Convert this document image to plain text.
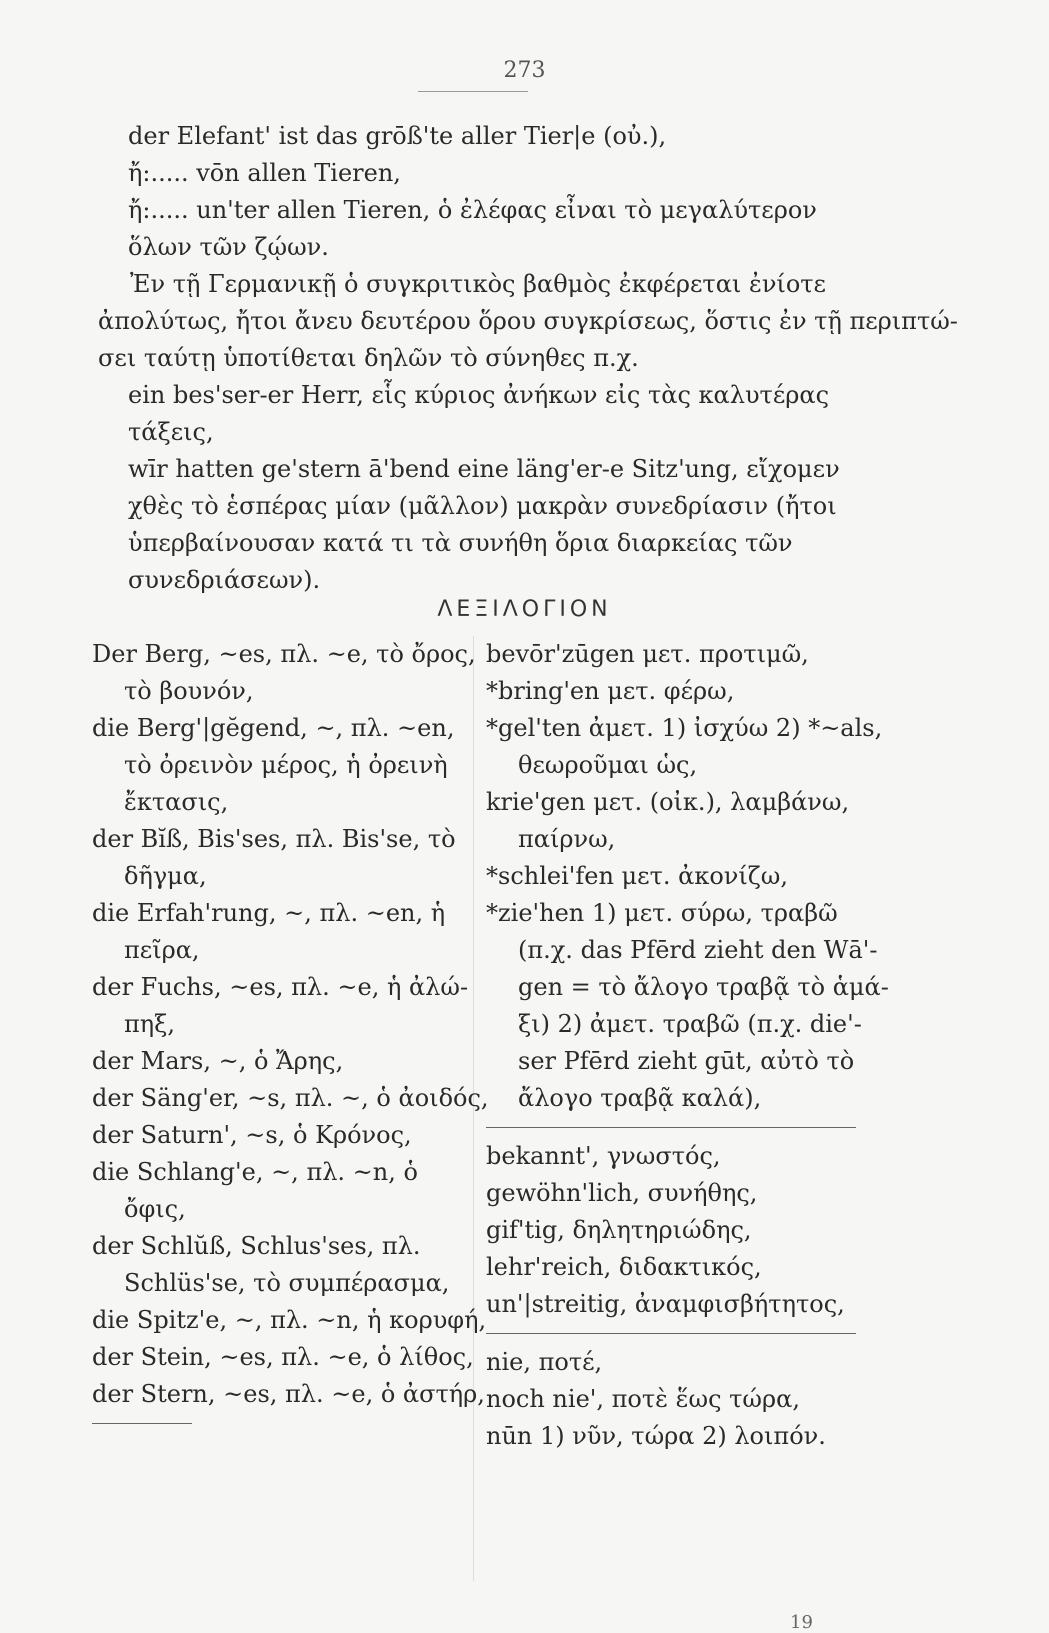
273
der Elefant' ist das grōß'te aller Tier|e (οὐ.),
ἤ:..... vōn allen Tieren,
ἤ:..... un'ter allen Tieren, ὁ ἐλέφας εἶναι τὸ μεγαλύτερον
ὅλων τῶν ζῴων.
Ἐν τῇ Γερμανικῇ ὁ συγκριτικὸς βαθμὸς ἐκφέρεται ἐνίοτε
ἀπολύτως, ἤτοι ἄνευ δευτέρου ὅρου συγκρίσεως, ὅστις ἐν τῇ περιπτώ-
σει ταύτῃ ὑποτίθεται δηλῶν τὸ σύνηθες π.χ.
ein bes'ser-er Herr, εἷς κύριος ἀνήκων εἰς τὰς καλυτέρας
τάξεις,
wīr hatten ge'stern ā'bend eine läng'er-e Sitz'ung, εἴχομεν
χθὲς τὸ ἑσπέρας μίαν (μᾶλλον) μακρὰν συνεδρίασιν (ἤτοι
ὑπερβαίνουσαν κατά τι τὰ συνήθη ὅρια διαρκείας τῶν
συνεδριάσεων).
ΛΕΞΙΛΟΓΙΟΝ
Der Berg, ~es, πλ. ~e, τὸ ὄρος,
τὸ βουνόν,
die Berg'|gĕgend, ~, πλ. ~en,
τὸ ὀρεινὸν μέρος, ἡ ὀρεινὴ
ἔκτασις,
der Bĭß, Bis'ses, πλ. Bis'se, τὸ
δῆγμα,
die Erfah'rung, ~, πλ. ~en, ἡ
πεῖρα,
der Fuchs, ~es, πλ. ~e, ἡ ἀλώ-
πηξ,
der Mars, ~, ὁ Ἄρης,
der Säng'er, ~s, πλ. ~, ὁ ἀοιδός,
der Saturn', ~s, ὁ Κρόνος,
die Schlang'e, ~, πλ. ~n, ὁ
ὄφις,
der Schlŭß, Schlus'ses, πλ.
Schlüs'se, τὸ συμπέρασμα,
die Spitz'e, ~, πλ. ~n, ἡ κορυφή,
der Stein, ~es, πλ. ~e, ὁ λίθος,
der Stern, ~es, πλ. ~e, ὁ ἀστήρ,
bevōr'zūgen μετ. προτιμῶ,
*bring'en μετ. φέρω,
*gel'ten ἀμετ. 1) ἰσχύω 2) *~als,
θεωροῦμαι ὡς,
krie'gen μετ. (οἰκ.), λαμβάνω,
παίρνω,
*schlei'fen μετ. ἀκονίζω,
*zie'hen 1) μετ. σύρω, τραβῶ
(π.χ. das Pfērd zieht den Wā'-
gen = τὸ ἄλογο τραβᾷ τὸ ἁμά-
ξι) 2) ἀμετ. τραβῶ (π.χ. die'-
ser Pfērd zieht gūt, αὐτὸ τὸ
ἄλογο τραβᾷ καλά),
bekannt', γνωστός,
gewöhn'lich, συνήθης,
gif'tig, δηλητηριώδης,
lehr'reich, διδακτικός,
un'|streitig, ἀναμφισβήτητος,
nie, ποτέ,
noch nie', ποτὲ ἕως τώρα,
nūn 1) νῦν, τώρα 2) λοιπόν.
19
